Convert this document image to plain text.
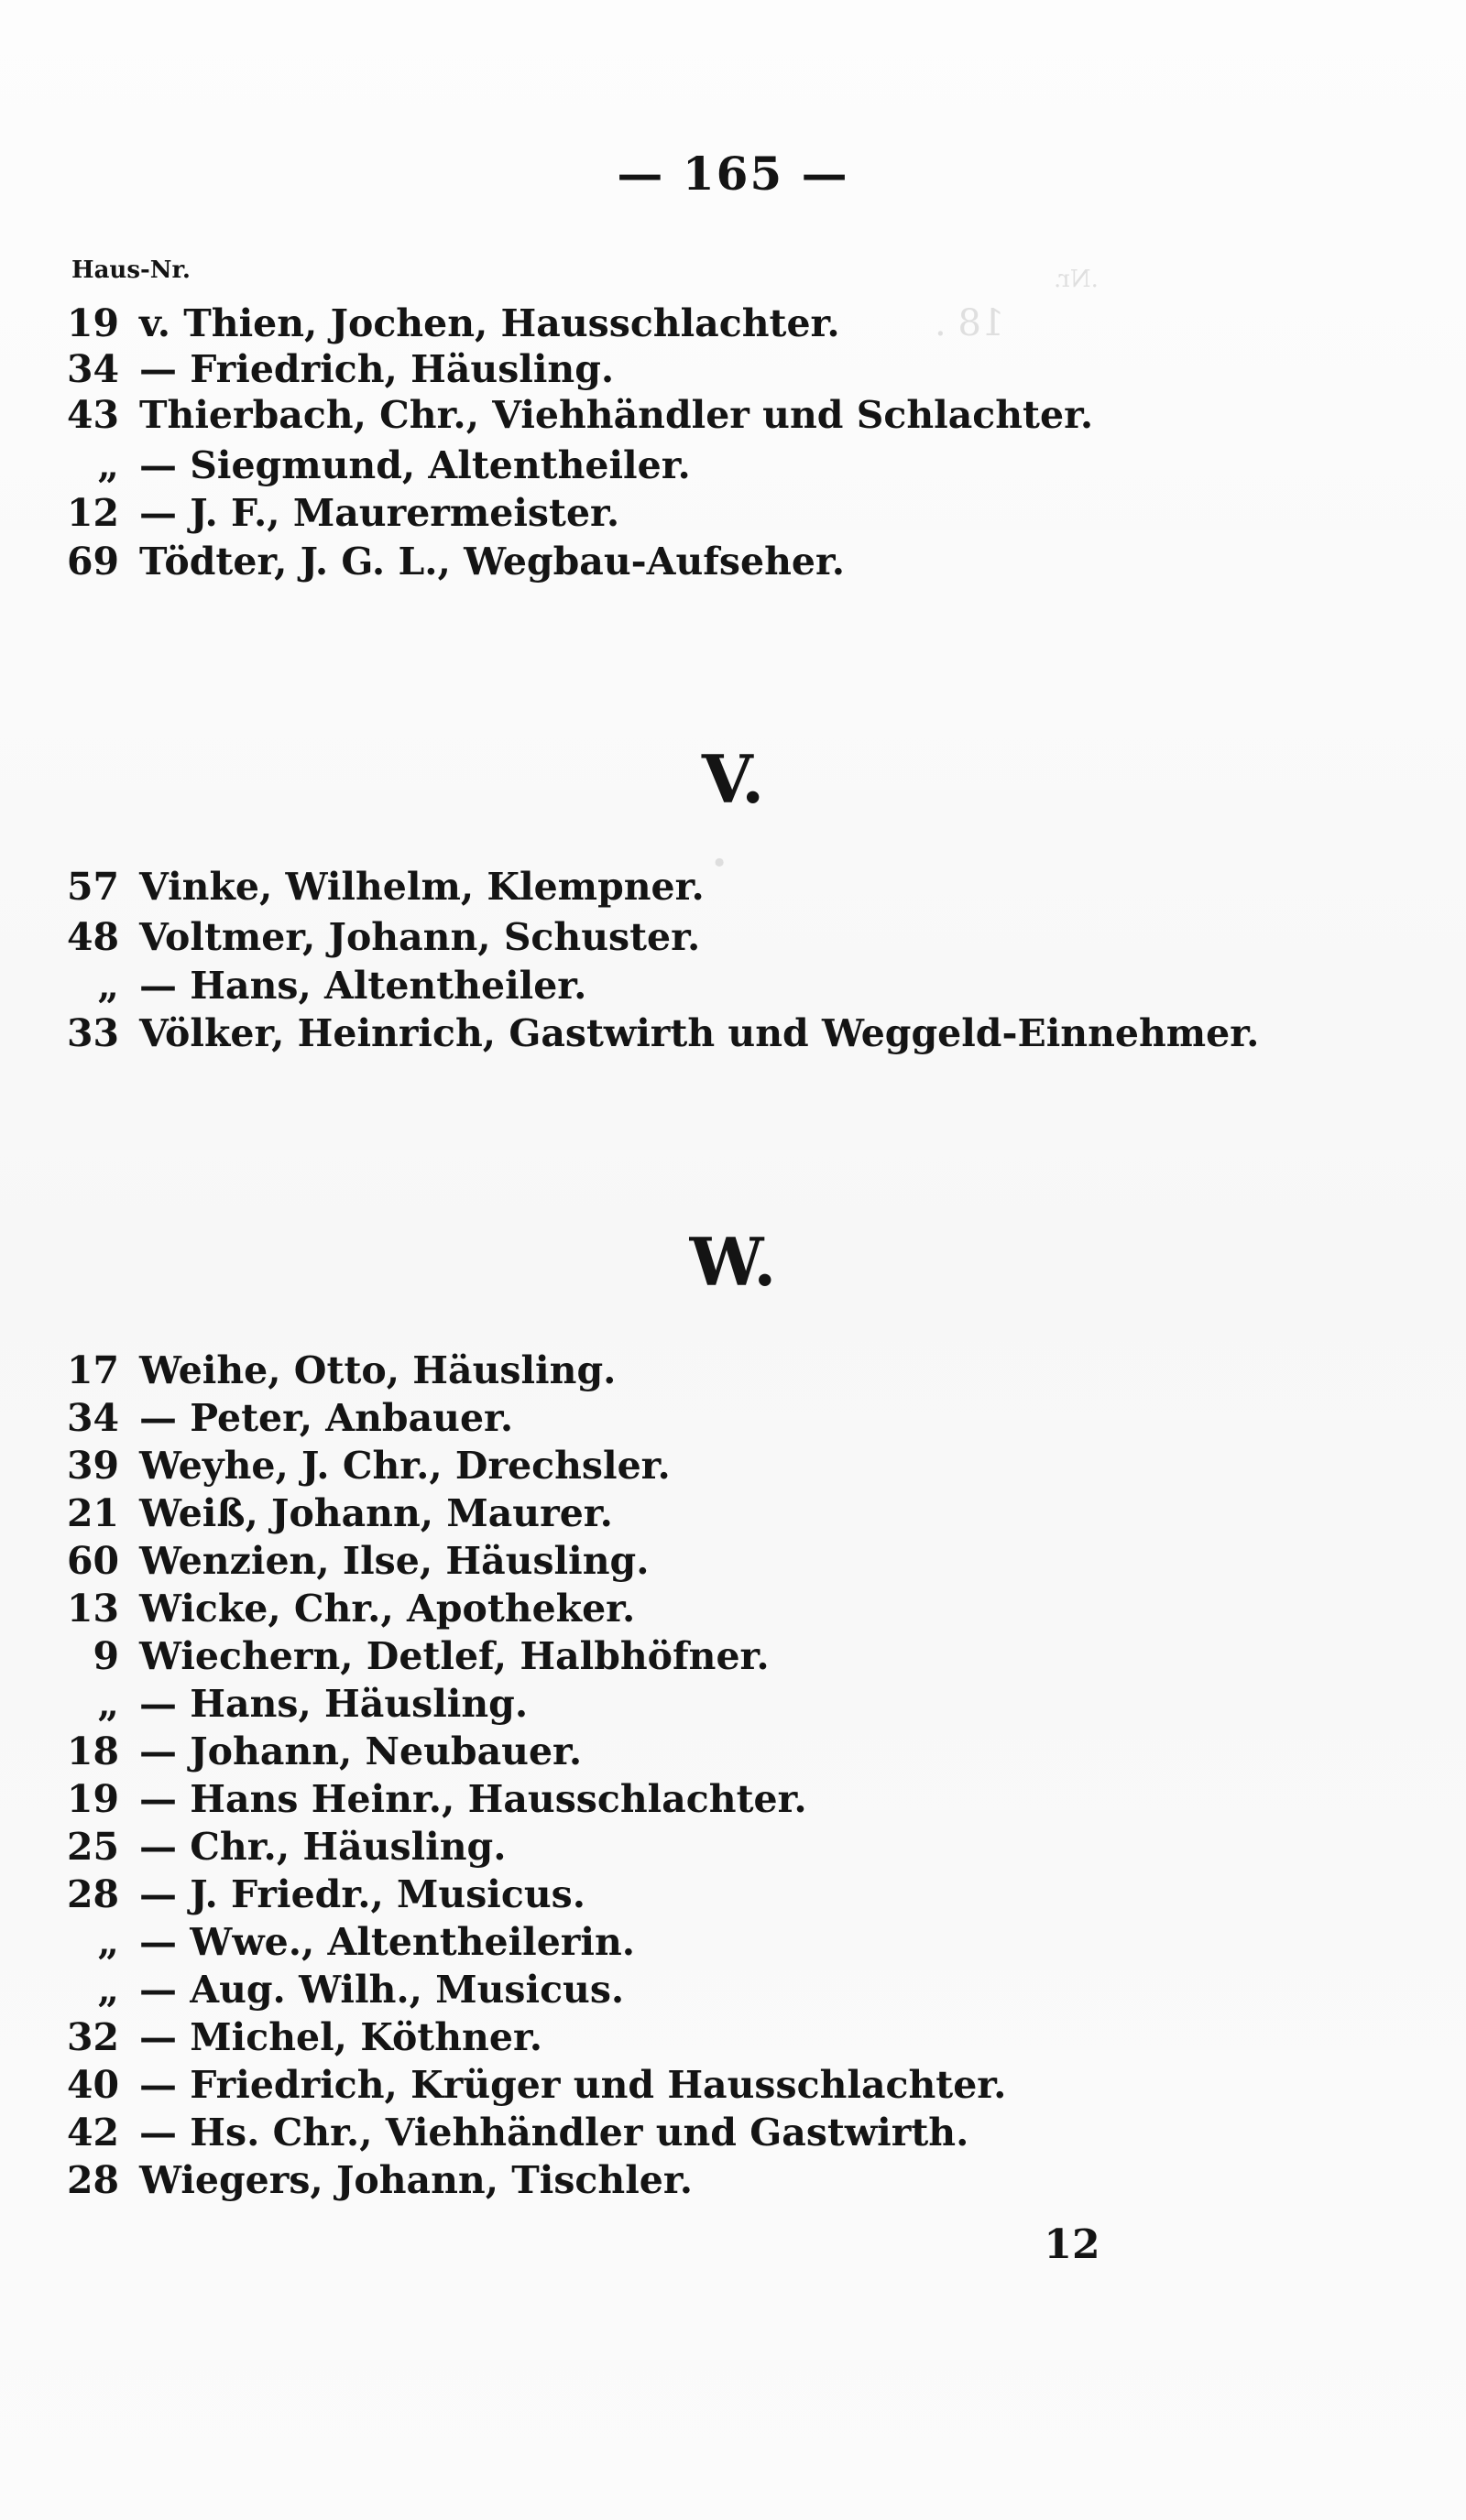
.Nr.
18 .
.
— 165 —
Haus-Nr.
19 v. Thien, Jochen, Hausschlachter.
34 — Friedrich, Häusling.
43 Thierbach, Chr., Viehhändler und Schlachter.
„ — Siegmund, Altentheiler.
12 — J. F., Maurermeister.
69 Tödter, J. G. L., Wegbau-Aufseher.
V.
57 Vinke, Wilhelm, Klempner.
48 Voltmer, Johann, Schuster.
„ — Hans, Altentheiler.
33 Völker, Heinrich, Gastwirth und Weggeld-Einnehmer.
W.
17 Weihe, Otto, Häusling.
34 — Peter, Anbauer.
39 Weyhe, J. Chr., Drechsler.
21 Weiß, Johann, Maurer.
60 Wenzien, Ilse, Häusling.
13 Wicke, Chr., Apotheker.
9 Wiechern, Detlef, Halbhöfner.
„ — Hans, Häusling.
18 — Johann, Neubauer.
19 — Hans Heinr., Hausschlachter.
25 — Chr., Häusling.
28 — J. Friedr., Musicus.
„ — Wwe., Altentheilerin.
„ — Aug. Wilh., Musicus.
32 — Michel, Köthner.
40 — Friedrich, Krüger und Hausschlachter.
42 — Hs. Chr., Viehhändler und Gastwirth.
28 Wiegers, Johann, Tischler.
12
